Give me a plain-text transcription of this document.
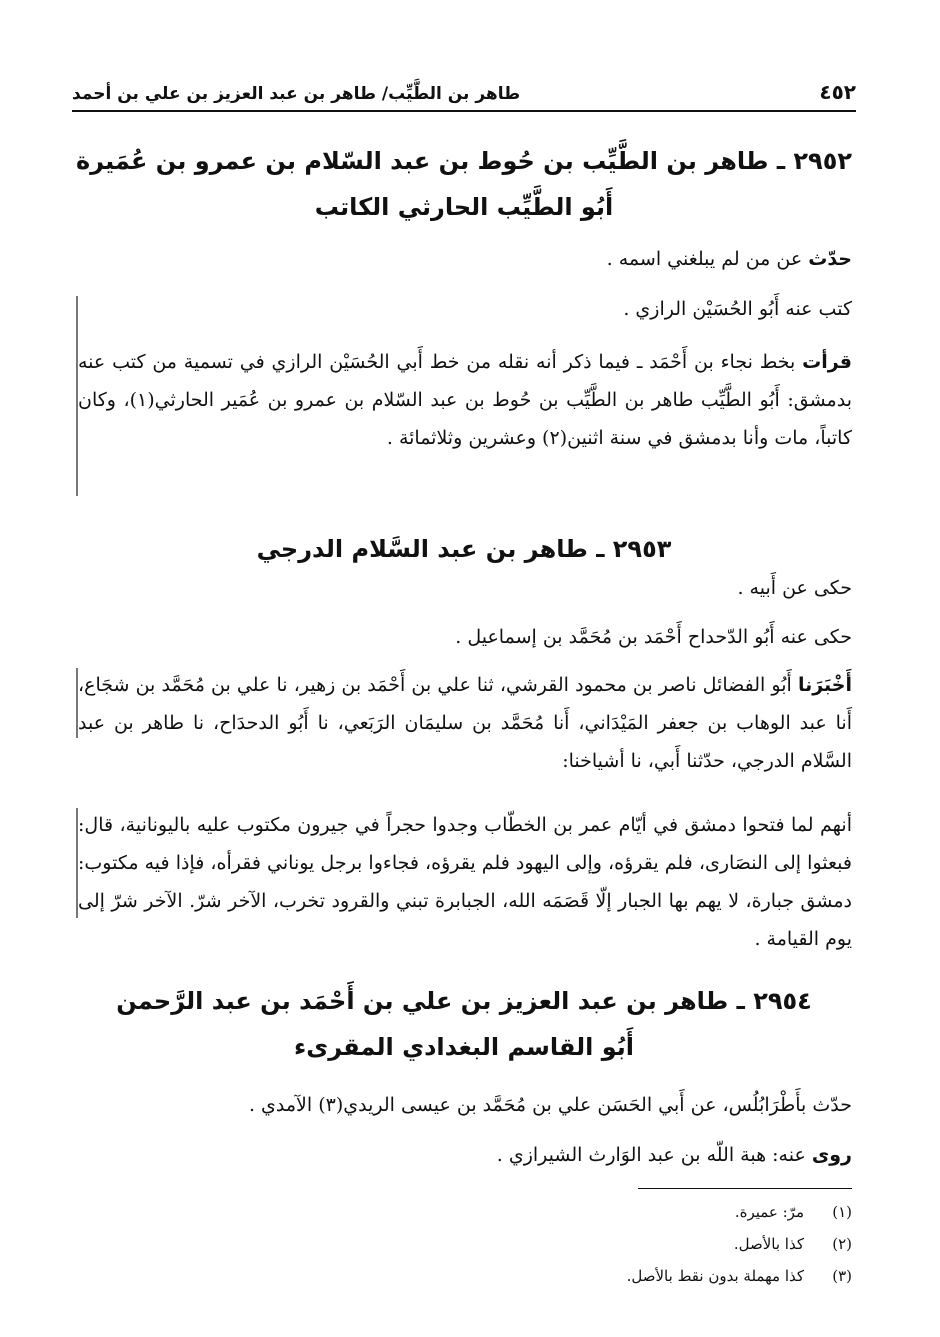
٤٥٢
طاهر بن الطَّيِّب/ طاهر بن عبد العزيز بن علي بن أحمد
٢٩٥٢ ـ طاهر بن الطَّيِّب بن حُوط بن عبد السّلام بن عمرو بن عُمَيرة
أَبُو الطَّيِّب الحارثي الكاتب
حدّث عن من لم يبلغني اسمه .
كتب عنه أَبُو الحُسَيْن الرازي .
قرأت بخط نجاء بن أَحْمَد ـ فيما ذكر أنه نقله من خط أَبي الحُسَيْن الرازي في تسمية من كتب عنه بدمشق: أَبُو الطَّيِّب طاهر بن الطَّيِّب بن حُوط بن عبد السّلام بن عمرو بن عُمَير الحارثي(١)، وكان كاتباً، مات وأنا بدمشق في سنة اثنين(٢) وعشرين وثلاثمائة .
٢٩٥٣ ـ طاهر بن عبد السَّلام الدرجي
حكى عن أَبيه .
حكى عنه أَبُو الدّحداح أَحْمَد بن مُحَمَّد بن إسماعيل .
أَخْبَرَنا أَبُو الفضائل ناصر بن محمود القرشي، ثنا علي بن أَحْمَد بن زهير، نا علي بن مُحَمَّد بن شجَاع، أَنا عبد الوهاب بن جعفر المَيْدَاني، أَنا مُحَمَّد بن سليمَان الرَبَعي، نا أَبُو الدحدَاح، نا طاهر بن عبد السَّلام الدرجي، حدّثنا أَبي، نا أشياخنا:
أنهم لما فتحوا دمشق في أيّام عمر بن الخطّاب وجدوا حجراً في جيرون مكتوب عليه باليونانية، قال: فبعثوا إلى النصَارى، فلم يقرؤه، وإلى اليهود فلم يقرؤه، فجاءوا برجل يوناني فقرأه، فإذا فيه مكتوب: دمشق جبارة، لا يهم بها الجبار إلّا قَصَمَه الله، الجبابرة تبني والقرود تخرب، الآخر شرّ. الآخر شرّ إلى يوم القيامة .
٢٩٥٤ ـ طاهر بن عبد العزيز بن علي بن أَحْمَد بن عبد الرَّحمن
أَبُو القاسم البغدادي المقرىء
حدّث بأَطْرَابُلُس، عن أَبي الحَسَن علي بن مُحَمَّد بن عيسى الريدي(٣) الآمدي .
روى عنه: هبة اللّه بن عبد الوَارث الشيرازي .
(١)مرّ: عميرة.
(٢)كذا بالأصل.
(٣)كذا مهملة بدون نقط بالأصل.
